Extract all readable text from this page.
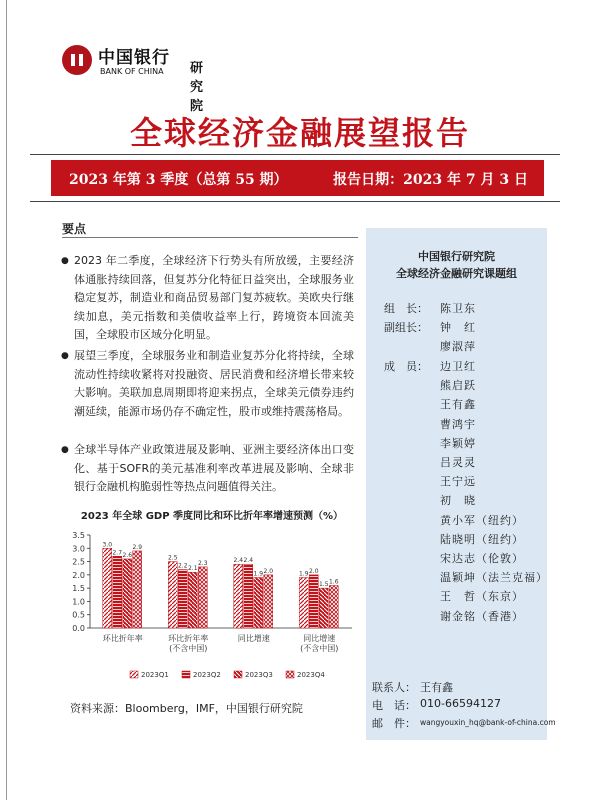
中国银行
BANK OF CHINA 研究院
全球经济金融展望报告
2023 年第 3 季度（总第 55 期）	报告日期：2023 年 7 月 3 日
要点
● 2023 年二季度，全球经济下行势头有所放缓，主要经济体通胀持续回落，但复苏分化特征日益突出，全球服务业稳定复苏，制造业和商品贸易部门复苏疲软。美欧央行继续加息，美元指数和美债收益率上行，跨境资本回流美国，全球股市区域分化明显。
● 展望三季度，全球服务业和制造业复苏分化将持续，全球流动性持续收紧将对投融资、居民消费和经济增长带来较大影响。美联加息周期即将迎来拐点，全球美元债券违约潮延续，能源市场仍存不确定性，股市或维持震荡格局。
● 全球半导体产业政策进展及影响、亚洲主要经济体出口变化、基于SOFR的美元基准利率改革进展及影响、全球非银行金融机构脆弱性等热点问题值得关注。
2023 年全球 GDP 季度同比和环比折年率增速预测（%）
0.0
0.5
1.0
1.5
2.0
2.5
3.0
3.5
3.0
2.7 2.6
2.9
环比折年率
2.5
2.2 2.1
2.3
环比折年率
(不含中国)
2.4 2.4
1.9 2.0
同比增速
1.9 2.0
1.5 1.6
同比增速
(不含中国)
2023Q1	2023Q2	2023Q3	2023Q4
资料来源：Bloomberg，IMF，中国银行研究院
中国银行研究院
全球经济金融研究课题组
组　长： 陈卫东
副组长： 钟　红
廖淑萍
成　员： 边卫红
熊启跃
王有鑫
曹鸿宇
李颖婷
吕灵灵
王宁远
初　晓
黄小军（纽约）
陆晓明（纽约）
宋达志（伦敦）
温颖坤（法兰克福）
王　哲（东京）
谢金铭（香港）
联系人： 王有鑫
电　话： 010-66594127
邮　件： wangyouxin_hq@bank-of-china.com
